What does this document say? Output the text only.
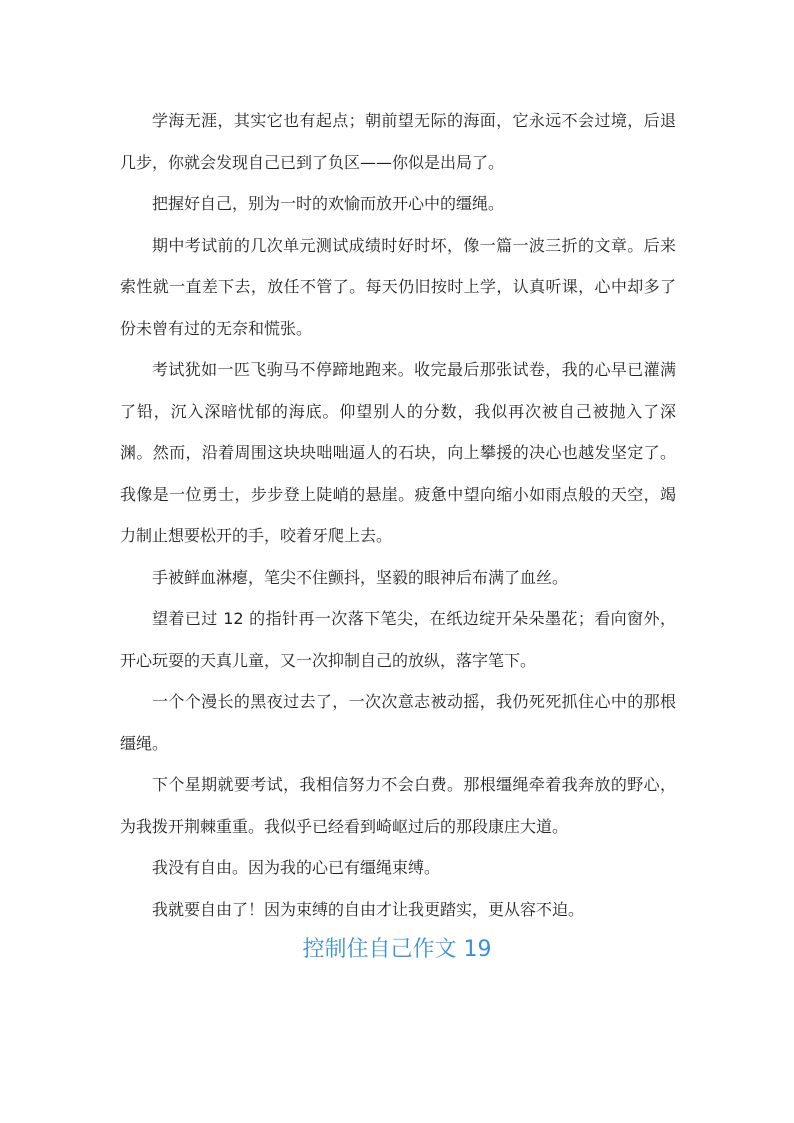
学海无涯，其实它也有起点；朝前望无际的海面，它永远不会过境，后退几步，你就会发现自己已到了负区——你似是出局了。

把握好自己，别为一时的欢愉而放开心中的缰绳。

期中考试前的几次单元测试成绩时好时坏，像一篇一波三折的文章。后来索性就一直差下去，放任不管了。每天仍旧按时上学，认真听课，心中却多了份未曾有过的无奈和慌张。

考试犹如一匹飞驹马不停蹄地跑来。收完最后那张试卷，我的心早已灌满了铅，沉入深暗忧郁的海底。仰望别人的分数，我似再次被自己被抛入了深渊。然而，沿着周围这块块咄咄逼人的石块，向上攀援的决心也越发坚定了。我像是一位勇士，步步登上陡峭的悬崖。疲惫中望向缩小如雨点般的天空，竭力制止想要松开的手，咬着牙爬上去。

手被鲜血淋瘪，笔尖不住颤抖，坚毅的眼神后布满了血丝。

望着已过 12 的指针再一次落下笔尖，在纸边绽开朵朵墨花；看向窗外，开心玩耍的天真儿童，又一次抑制自己的放纵，落字笔下。

一个个漫长的黑夜过去了，一次次意志被动摇，我仍死死抓住心中的那根缰绳。

下个星期就要考试，我相信努力不会白费。那根缰绳牵着我奔放的野心，为我拨开荆棘重重。我似乎已经看到崎岖过后的那段康庄大道。

我没有自由。因为我的心已有缰绳束缚。

我就要自由了！因为束缚的自由才让我更踏实，更从容不迫。

控制住自己作文 19
